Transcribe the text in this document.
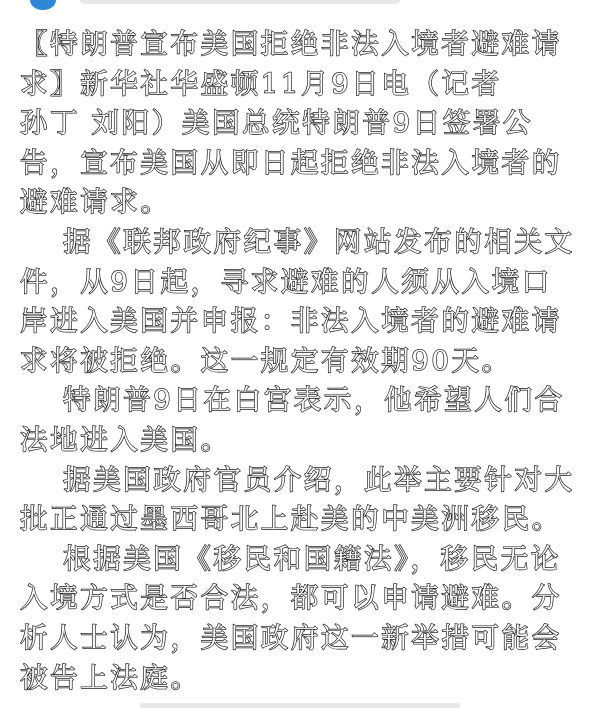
〖特朗普宣布美国拒绝非法入境者避难请
求〗新华社华盛顿11月9日电（记者
孙丁 刘阳）美国总统特朗普9日签署公
告，宣布美国从即日起拒绝非法入境者的
避难请求。
据《联邦政府纪事》网站发布的相关文
件，从9日起，寻求避难的人须从入境口
岸进入美国并申报：非法入境者的避难请
求将被拒绝。这一规定有效期90天。
特朗普9日在白宫表示，他希望人们合
法地进入美国。
据美国政府官员介绍，此举主要针对大
批正通过墨西哥北上赴美的中美洲移民。
根据美国《移民和国籍法》，移民无论
入境方式是否合法，都可以申请避难。分
析人士认为，美国政府这一新举措可能会
被告上法庭。
